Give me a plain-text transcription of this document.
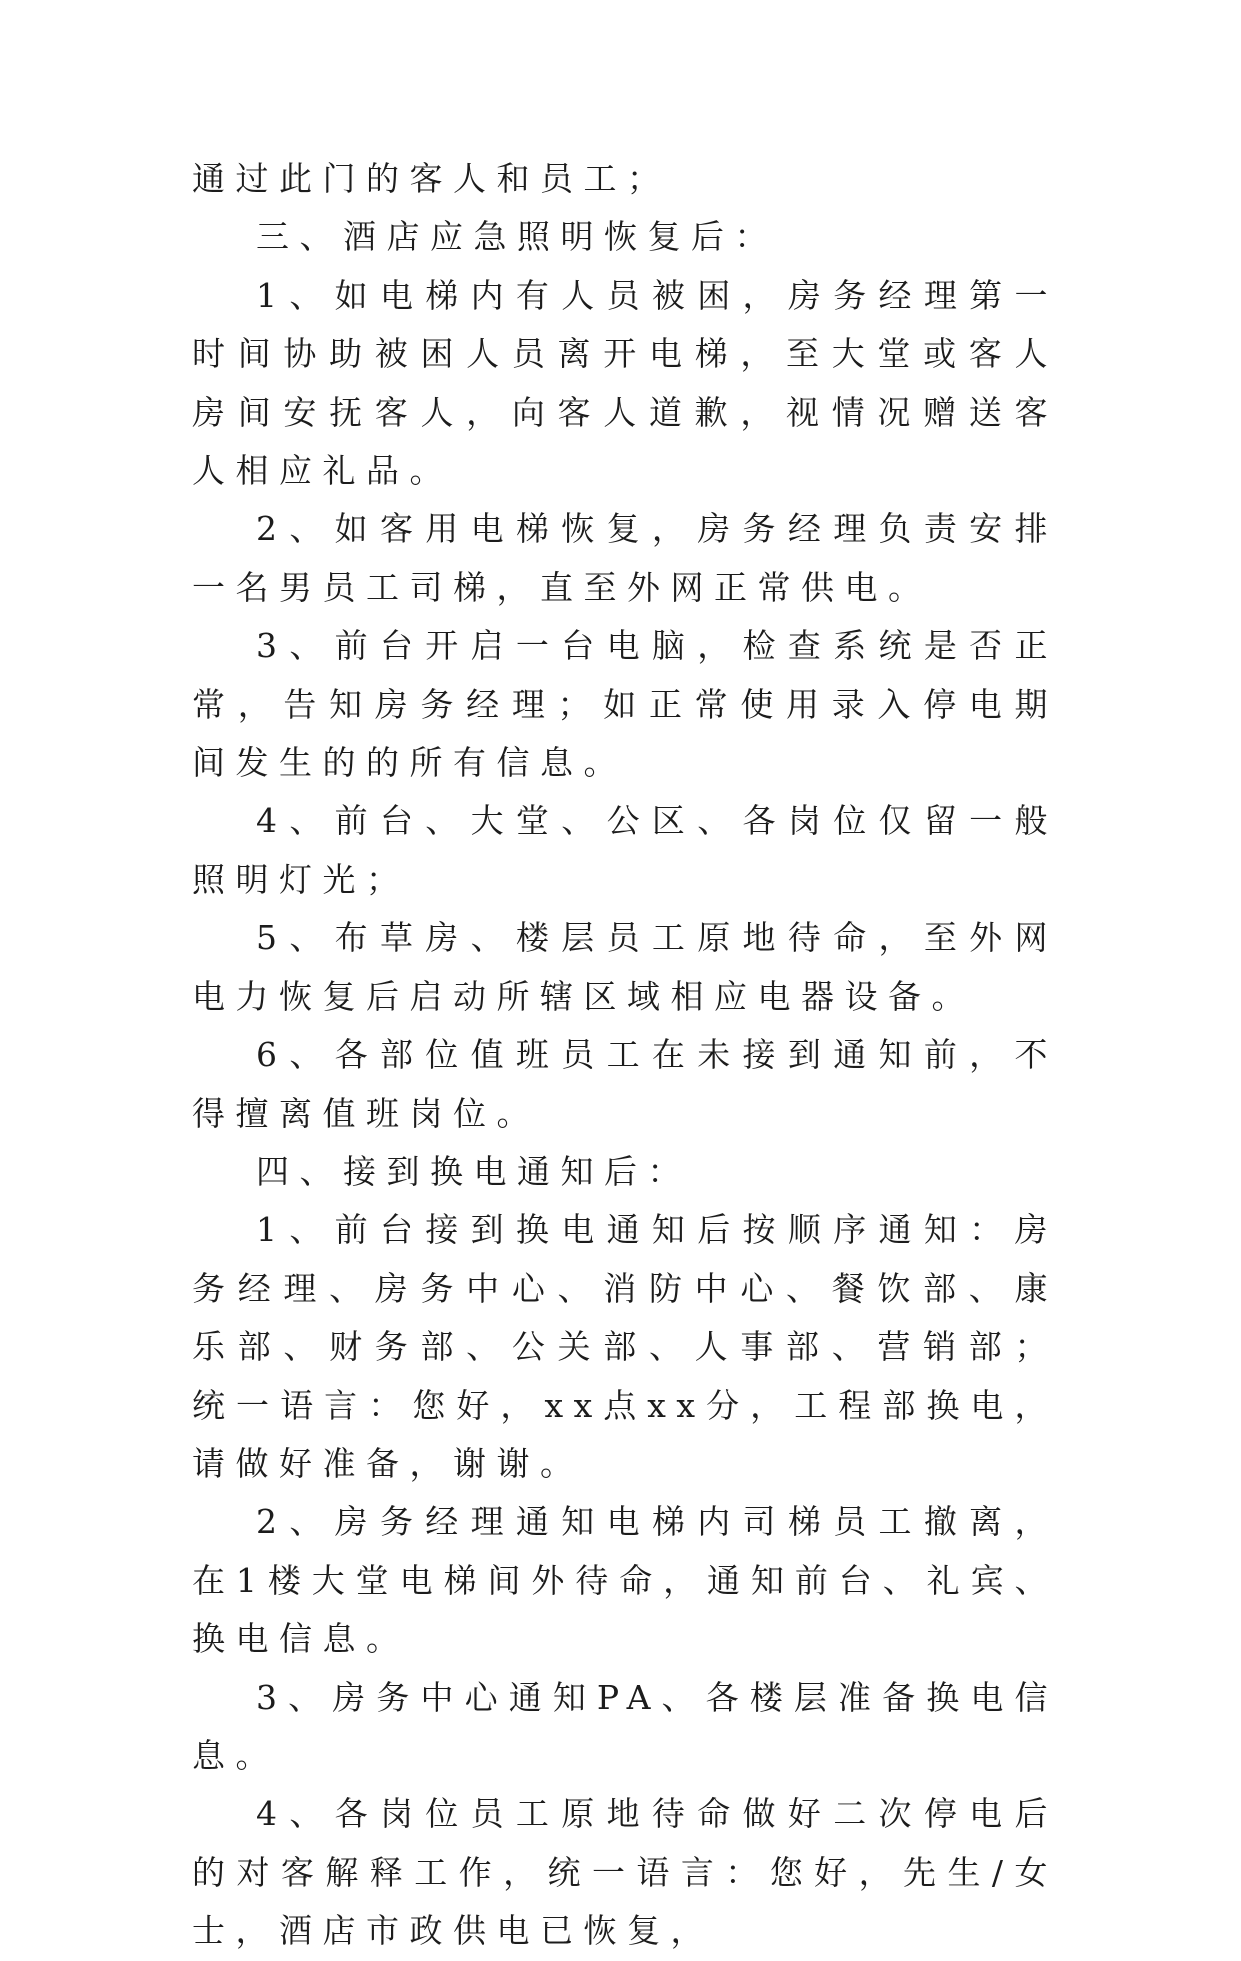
通过此门的客人和员工；

三、酒店应急照明恢复后：

1、如电梯内有人员被困，房务经理第一时间协助被困人员离开电梯，至大堂或客人房间安抚客人，向客人道歉，视情况赠送客人相应礼品。

2、如客用电梯恢复，房务经理负责安排一名男员工司梯，直至外网正常供电。

3、前台开启一台电脑，检查系统是否正常，告知房务经理；如正常使用录入停电期间发生的的所有信息。

4、前台、大堂、公区、各岗位仅留一般照明灯光；

5、布草房、楼层员工原地待命，至外网电力恢复后启动所辖区域相应电器设备。

6、各部位值班员工在未接到通知前，不得擅离值班岗位。

四、接到换电通知后：

1、前台接到换电通知后按顺序通知：房务经理、房务中心、消防中心、餐饮部、康乐部、财务部、公关部、人事部、营销部；统一语言：您好，xx点xx分，工程部换电，请做好准备，谢谢。

2、房务经理通知电梯内司梯员工撤离，在1楼大堂电梯间外待命，通知前台、礼宾、换电信息。

3、房务中心通知PA、各楼层准备换电信息。

4、各岗位员工原地待命做好二次停电后的对客解释工作，统一语言：您好，先生/女士，酒店市政供电已恢复，
